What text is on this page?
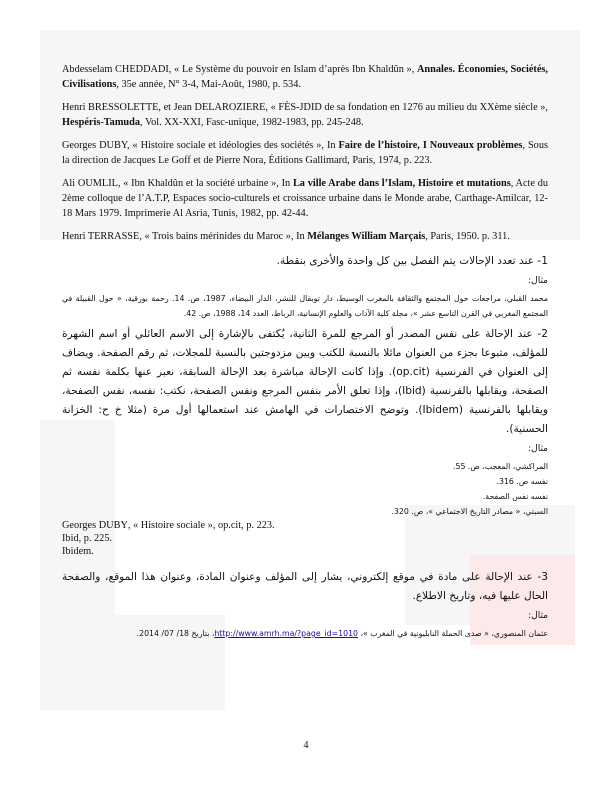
Abdesselam CHEDDADI, « Le Système du pouvoir en Islam d’après Ibn Khaldûn », Annales. Économies, Sociétés, Civilisations, 35e année, N° 3-4, Mai-Août, 1980, p. 534.

Henri BRESSOLETTE, et Jean DELAROZIERE, « FÈS-JDID de sa fondation en 1276 au milieu du XXème siècle », Hespéris-Tamuda, Vol. XX-XXI, Fasc-unique, 1982-1983, pp. 245-248.

Georges DUBY, « Histoire sociale et idéologies des sociétés », In Faire de l’histoire, I Nouveaux problèmes, Sous la direction de Jacques Le Goff et de Pierre Nora, Éditions Gallimard, Paris, 1974, p. 223.

Ali OUMLIL, « Ibn Khaldûn et la société urbaine », In La ville Arabe dans l’Islam, Histoire et mutations, Acte du 2ème colloque de l’A.T.P, Espaces socio-culturels et croissance urbaine dans le Monde arabe, Carthage-Amilcar, 12-18 Mars 1979. Imprimerie Al Asria, Tunis, 1982, pp. 42-44.

Henri TERRASSE, « Trois bains mérinides du Maroc », In Mélanges William Marçais, Paris, 1950. p. 311.

1- عند تعدد الإحالات يتم الفصل بين كل واحدة والأخرى بنقطة.

مثال:

محمد القبلي، مراجعات حول المجتمع والثقافة بالمغرب الوسيط، دار توبقال للنشر، الدار البيضاء، 1987، ص. 14. رحمة بورقية، « حول القبيلة في المجتمع المغربي في القرن التاسع عشر »، مجلة كلية الآداب والعلوم الإنسانية، الرباط، العدد 14، 1988، ص. 42.

2- عند الإحالة على نفس المصدر أو المرجع للمرة الثانية، يُكتفى بالإشارة إلى الاسم العائلي أو اسم الشهرة للمؤلف، متبوعا بجزء من العنوان مائلا بالنسبة للكتب وبين مزدوجتين بالنسبة للمجلات، ثم رقم الصفحة. ويضاف إلى العنوان في الفرنسية (op.cit). وإذا كانت الإحالة مباشرة بعد الإحالة السابقة، نعبر عنها بكلمة نفسه ثم الصفحة، ويقابلها بالفرنسية (Ibid)، وإذا تعلق الأمر بنفس المرجع ونفس الصفحة، نكتب: نفسه، نفس الصفحة، ويقابلها بالفرنسية (Ibidem). وتوضح الاختصارات في الهامش عند استعمالها أول مرة (مثلا خ ح: الخزانة الحسنية).

مثال:

المراكشي، المعجب، ص. 55.

نفسه ص. 316.

نفسه نفس الصفحة.

السبتي، « مصادر التاريخ الاجتماعي »، ص. 320.

Georges DUBY, « Histoire sociale », op.cit, p. 223.

Ibid, p. 225.

Ibidem.

3- عند الإحالة على مادة في موقع إلكتروني، يشار إلى المؤلف وعنوان المادة، وعنوان هذا الموقع، والصفحة الحال عليها فيه، وتاريخ الاطلاع.

مثال:

عثمان المنصوري، « صدى الحملة النابليونية في المغرب »، http://www.amrh.ma/?page_id=1010، بتاريخ 18/ 07/ 2014.

4
